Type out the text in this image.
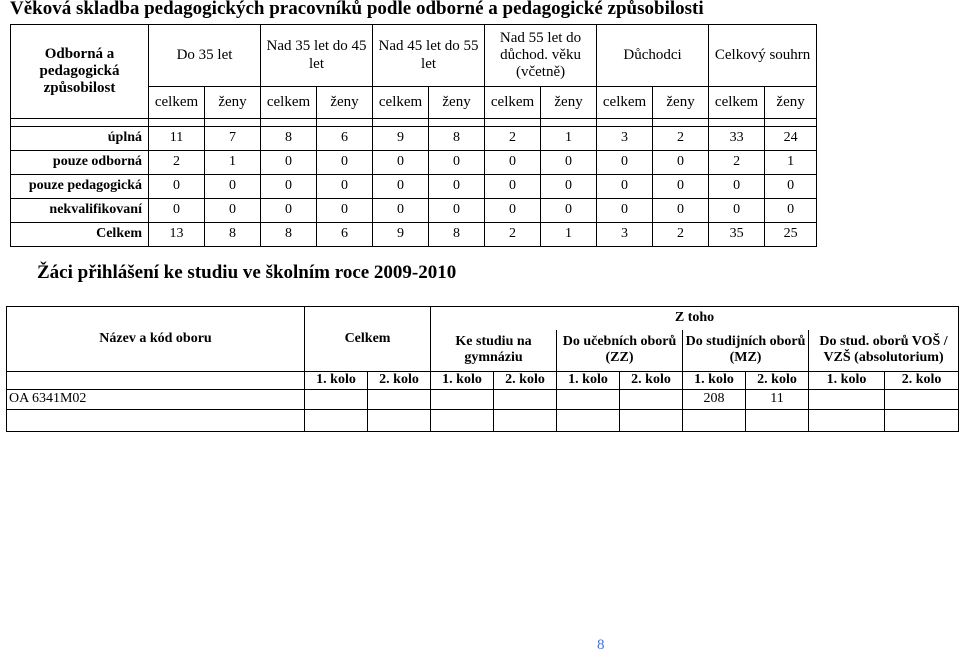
Věková skladba pedagogických pracovníků podle odborné a pedagogické způsobilosti
Odborná a pedagogická způsobilost	Do 35 let		Nad 35 let do 45 let		Nad 45 let do 55 let		Nad 55 let do důchod. věku (včetně)		Důchodci		Celkový souhrn	
	celkem	ženy	celkem	ženy	celkem	ženy	celkem	ženy	celkem	ženy	celkem	ženy

úplná	11	7	8	6	9	8	2	1	3	2	33	24
pouze odborná	2	1	0	0	0	0	0	0	0	0	2	1
pouze pedagogická	0	0	0	0	0	0	0	0	0	0	0	0
nekvalifikovaní	0	0	0	0	0	0	0	0	0	0	0	0
Celkem	13	8	8	6	9	8	2	1	3	2	35	25
Žáci přihlášení ke studiu ve školním roce 2009-2010
Název a kód oboru	Celkem		Z toho							
			Ke studiu na gymnáziu		Do učebních oborů (ZZ)		Do studijních oborů (MZ)		Do stud. oborů VOŠ / VZŠ (absolutorium)	
	1. kolo	2. kolo	1. kolo	2. kolo	1. kolo	2. kolo	1. kolo	2. kolo	1. kolo	2. kolo
OA 6341M02							208	11		

8
